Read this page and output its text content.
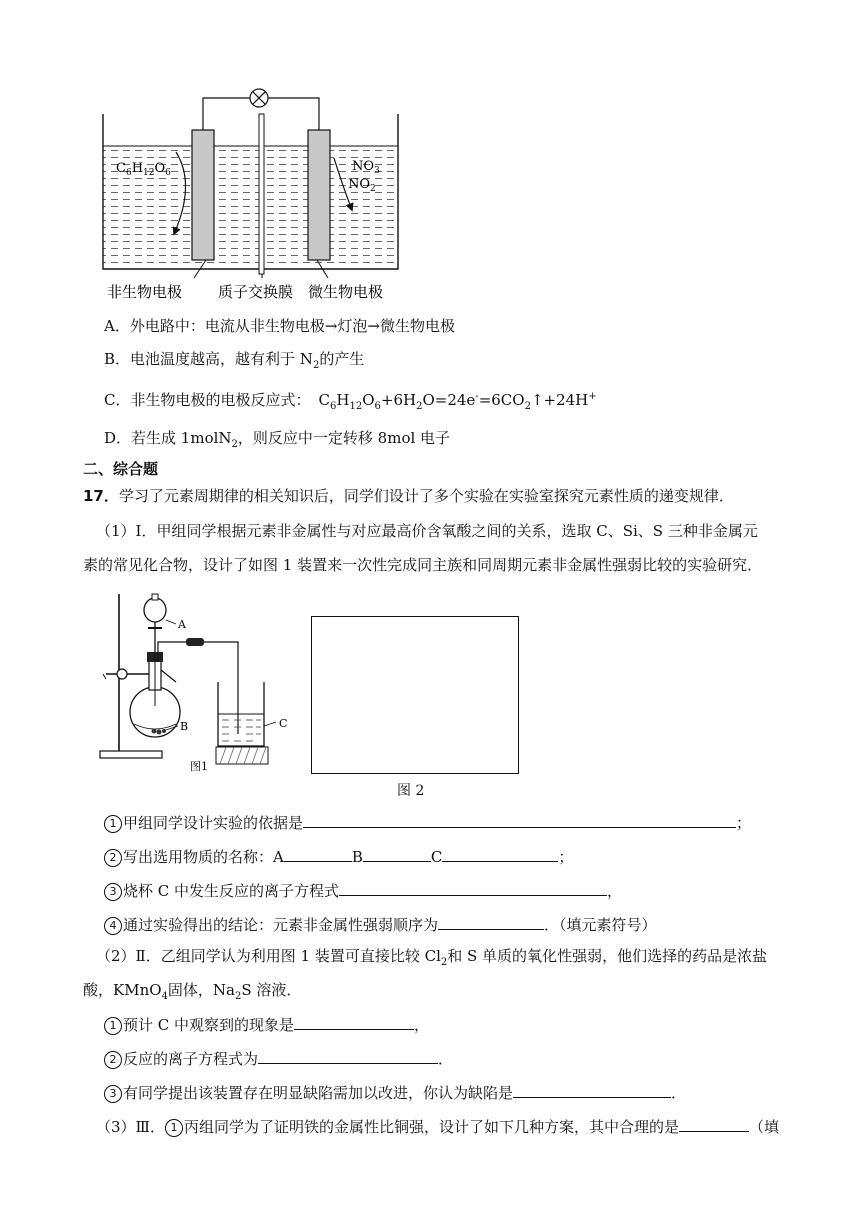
$C_6H_{12}O_6$	$NO_3$
$NO_2$
非生物电极 质子交换膜 微生物电极
A．外电路中：电流从非生物电极→灯泡→微生物电极
B．电池温度越高，越有利于 $N_2$的产生
C．非生物电极的电极反应式： $C_6H_{12}O_6+6H_2O=24e^-=6CO_2↑+24H^+$
D．若生成 1molN$_2$，则反应中一定转移 8mol 电子
二、综合题
17．学习了元素周期律的相关知识后，同学们设计了多个实验在实验室探究元素性质的递变规律．
（1）Ⅰ．甲组同学根据元素非金属性与对应最高价含氧酸之间的关系，选取 C、Si、S 三种非金属元
素的常见化合物，设计了如图 1 装置来一次性完成同主族和同周期元素非金属性强弱比较的实验研究．
A
B	C
图1
图 2
1 甲组同学设计实验的依据是	；
2 写出选用物质的名称：A	B	C	；
3 烧杯 C 中发生反应的离子方程式	，
4 通过实验得出的结论：元素非金属性强弱顺序为	．（填元素符号）
（2）Ⅱ．乙组同学认为利用图 1 装置可直接比较 $Cl_2$和 S 单质的氧化性强弱，他们选择的药品是浓盐
酸，KMnO$_4$固体，$Na_2S$ 溶液．
1 预计 C 中观察到的现象是	，
2 反应的离子方程式为	．
3 有同学提出该装置存在明显缺陷需加以改进，你认为缺陷是	．
（3）Ⅲ． 1 丙组同学为了证明铁的金属性比铜强，设计了如下几种方案，其中合理的是	（填
